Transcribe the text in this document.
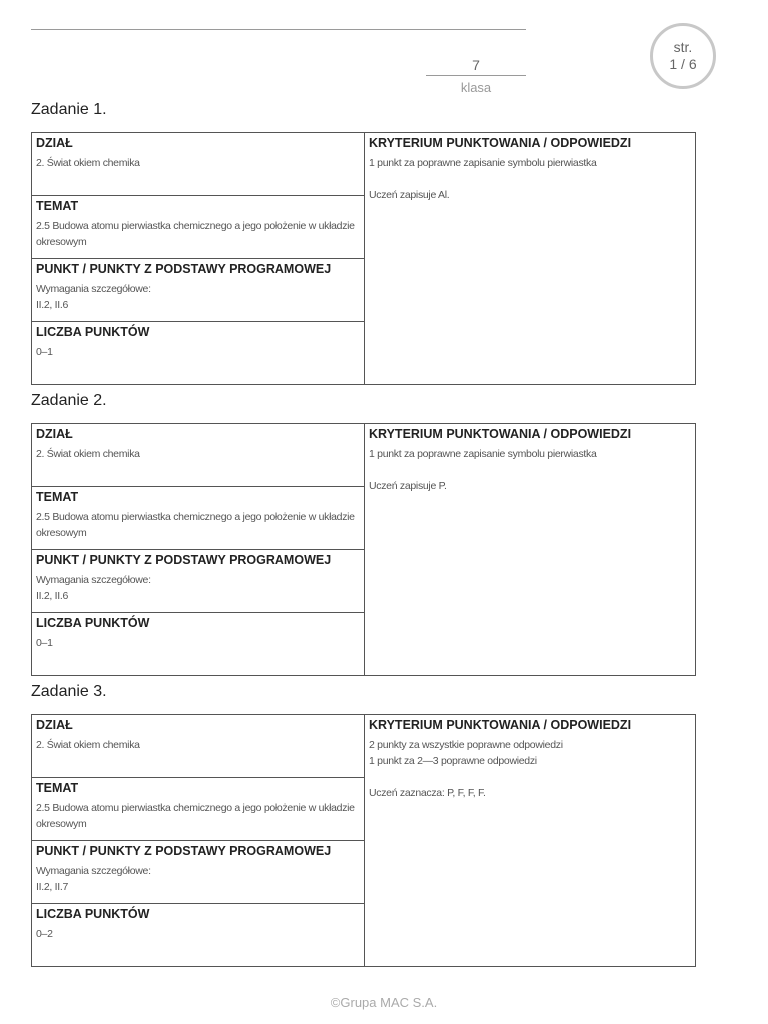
7
klasa
str.
1 / 6
Zadanie 1.
DZIAŁ
2. Świat okiem chemika
TEMAT
2.5 Budowa atomu pierwiastka chemicznego a jego położenie w układzie okresowym
PUNKT / PUNKTY Z PODSTAWY PROGRAMOWEJ
Wymagania szczegółowe:
II.2, II.6
LICZBA PUNKTÓW
0–1
KRYTERIUM PUNKTOWANIA / ODPOWIEDZI
1 punkt za poprawne zapisanie symbolu pierwiastka
Uczeń zapisuje Al.
Zadanie 2.
DZIAŁ
2. Świat okiem chemika
TEMAT
2.5 Budowa atomu pierwiastka chemicznego a jego położenie w układzie okresowym
PUNKT / PUNKTY Z PODSTAWY PROGRAMOWEJ
Wymagania szczegółowe:
II.2, II.6
LICZBA PUNKTÓW
0–1
KRYTERIUM PUNKTOWANIA / ODPOWIEDZI
1 punkt za poprawne zapisanie symbolu pierwiastka
Uczeń zapisuje P.
Zadanie 3.
DZIAŁ
2. Świat okiem chemika
TEMAT
2.5 Budowa atomu pierwiastka chemicznego a jego położenie w układzie okresowym
PUNKT / PUNKTY Z PODSTAWY PROGRAMOWEJ
Wymagania szczegółowe:
II.2, II.7
LICZBA PUNKTÓW
0–2
KRYTERIUM PUNKTOWANIA / ODPOWIEDZI
2 punkty za wszystkie poprawne odpowiedzi
1 punkt za 2—3 poprawne odpowiedzi
Uczeń zaznacza: P, F, F, F.
©Grupa MAC S.A.
